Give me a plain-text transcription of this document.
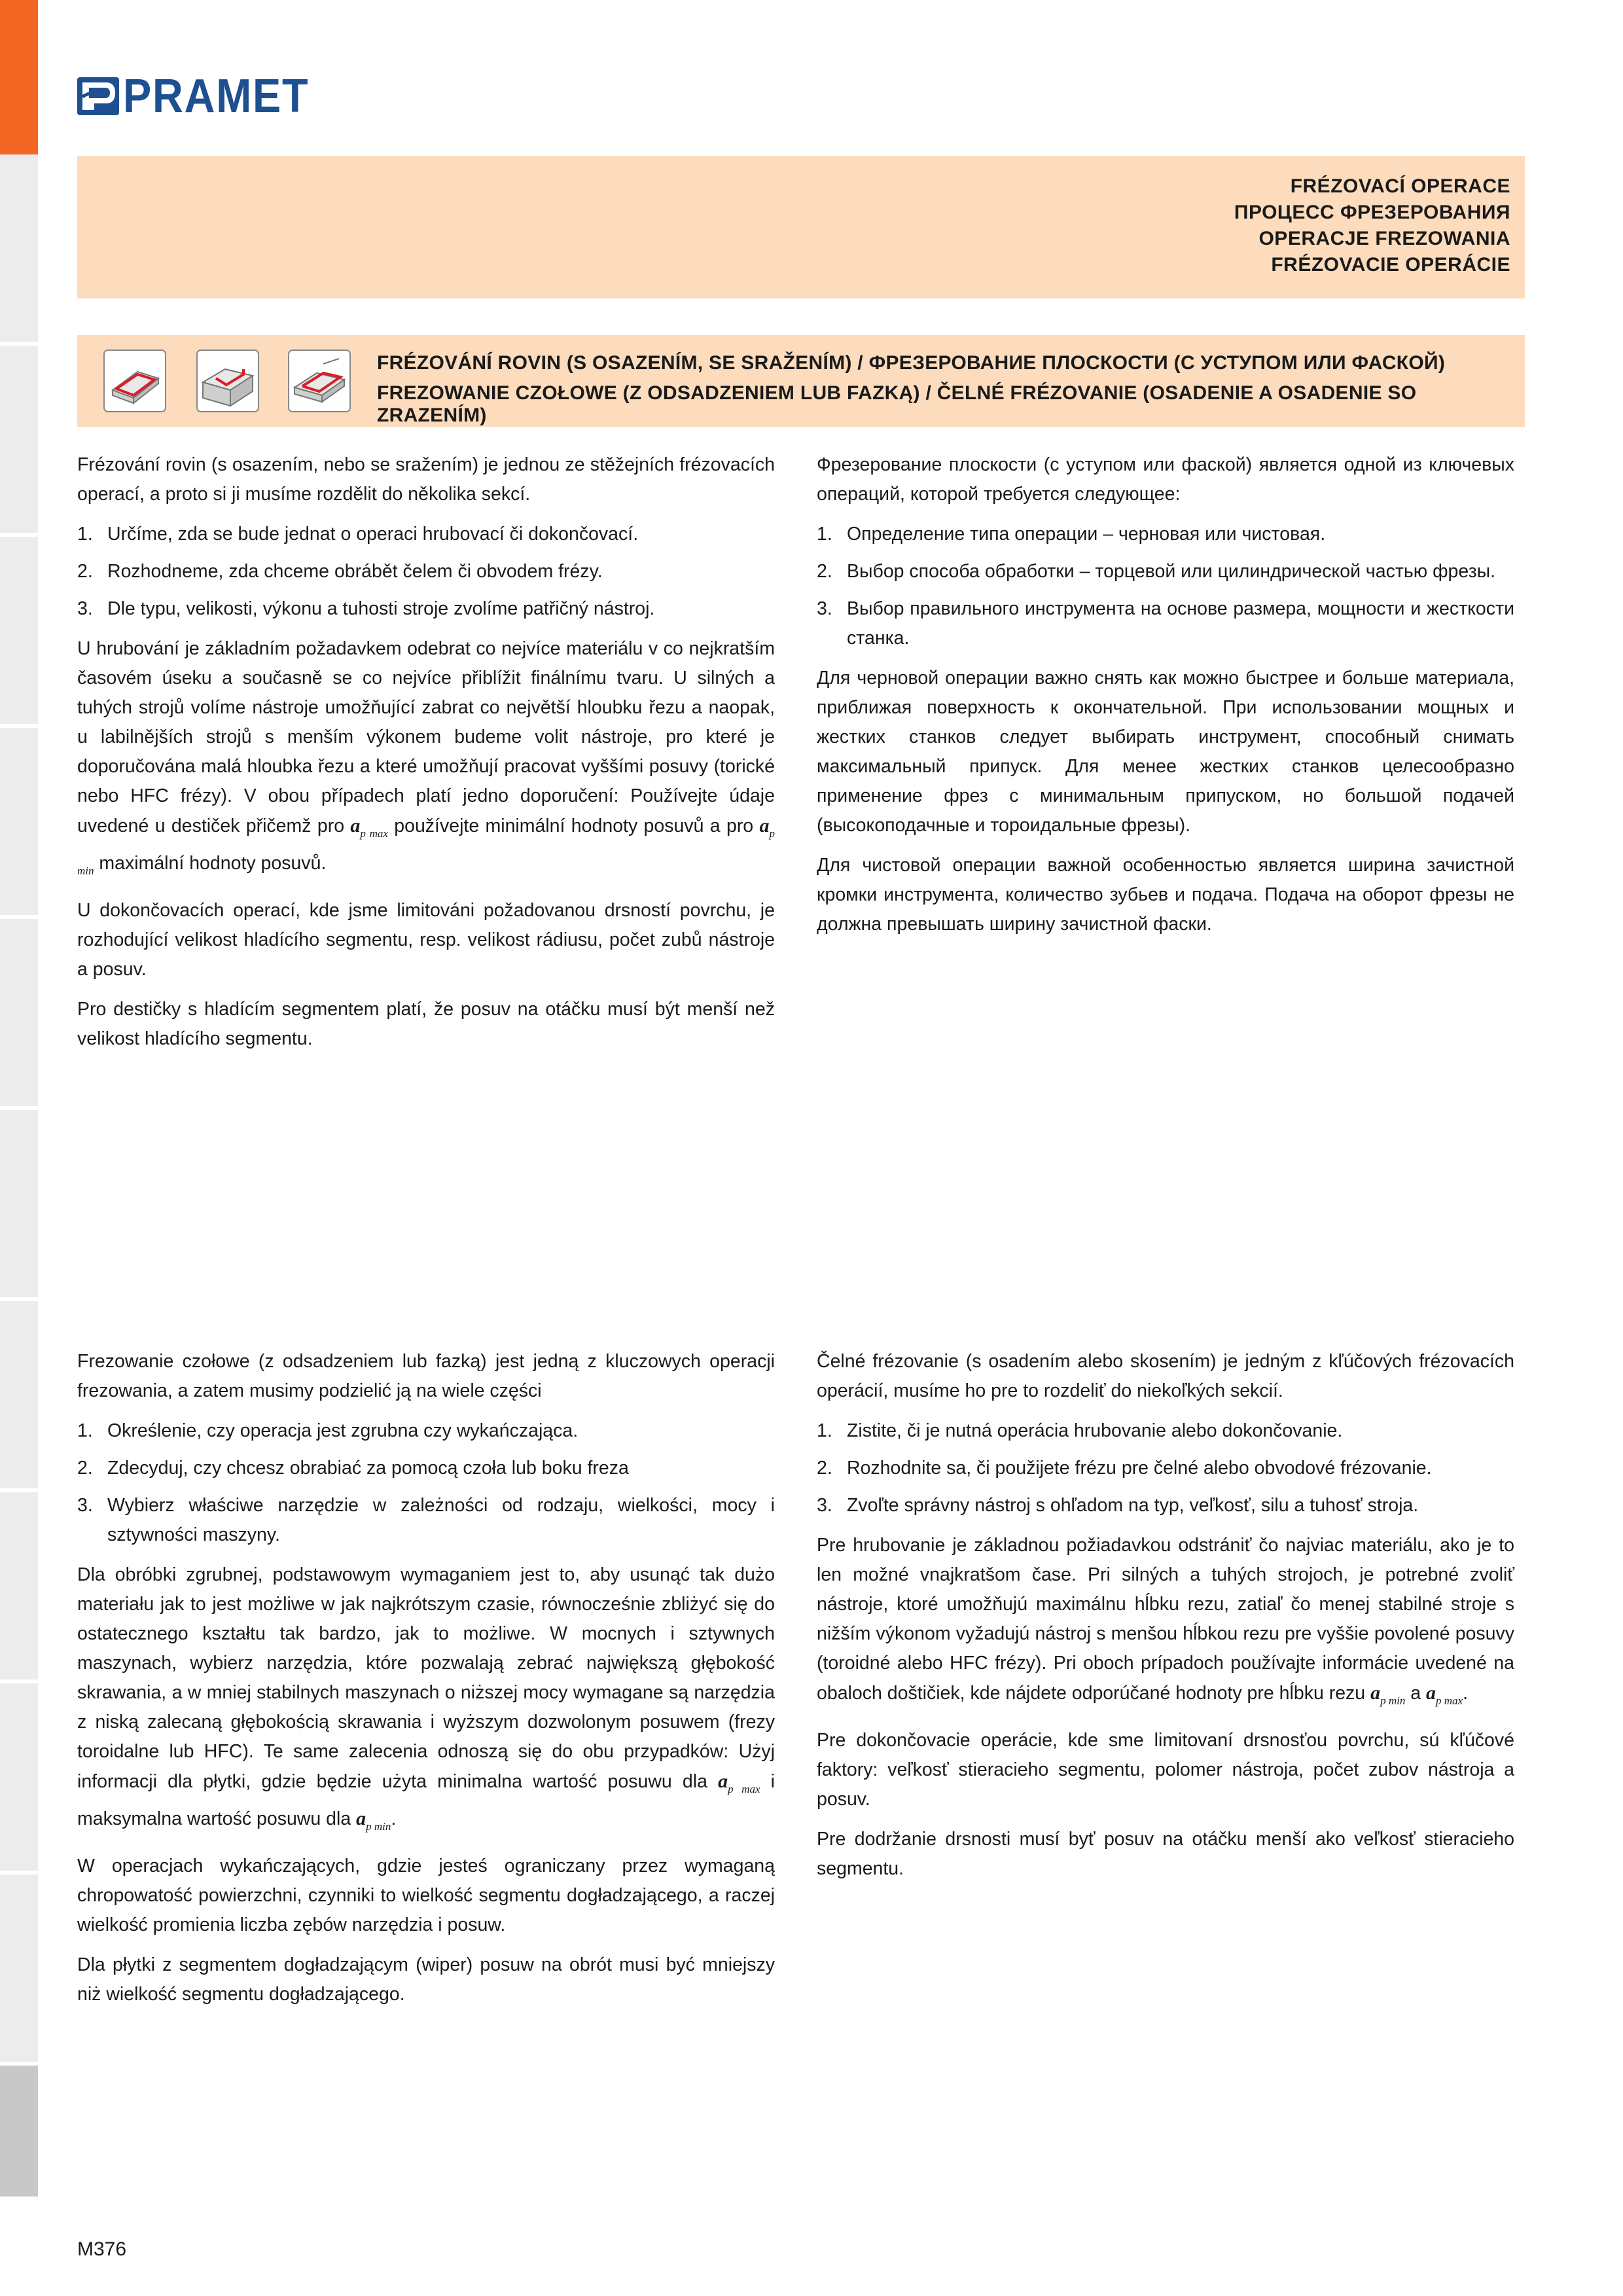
PRAMET
FRÉZOVACÍ OPERACE
ПРОЦЕСС ФРЕЗЕРОВАНИЯ
OPERACJE FREZOWANIA
FRÉZOVACIE OPERÁCIE
FRÉZOVÁNÍ ROVIN (S OSAZENÍM, SE SRAŽENÍM) / ФРЕЗЕРОВАНИЕ ПЛОСКОСТИ (С УСТУПОМ ИЛИ ФАСКОЙ)
FREZOWANIE CZOŁOWE (Z ODSADZENIEM LUB FAZKĄ) / ČELNÉ FRÉZOVANIE (OSADENIE A OSADENIE SO ZRAZENÍM)

Frézování rovin (s osazením, nebo se sražením) je jednou ze stěžejních frézovacích operací, a proto si ji musíme rozdělit do několika sekcí.

1. Určíme, zda se bude jednat o operaci hrubovací či dokončovací.
2. Rozhodneme, zda chceme obrábět čelem či obvodem frézy.
3. Dle typu, velikosti, výkonu a tuhosti stroje zvolíme patřičný nástroj.

U hrubování je základním požadavkem odebrat co nejvíce materiálu v co nejkratším časovém úseku a současně se co nejvíce přiblížit finálnímu tvaru. U silných a tuhých strojů volíme nástroje umožňující zabrat co největší hloubku řezu a naopak, u labilnějších strojů s menším výkonem budeme volit nástroje, pro které je doporučována malá hloubka řezu a které umožňují pracovat vyššími posuvy (torické nebo HFC frézy). V obou případech platí jedno doporučení: Používejte údaje uvedené u destiček přičemž pro $a_{p max}$ používejte minimální hodnoty posuvů a pro $a_{p min}$ maximální hodnoty posuvů.

U dokončovacích operací, kde jsme limitováni požadovanou drsností povrchu, je rozhodující velikost hladícího segmentu, resp. velikost rádiusu, počet zubů nástroje a posuv.

Pro destičky s hladícím segmentem platí, že posuv na otáčku musí být menší než velikost hladícího segmentu.

Фрезерование плоскости (с уступом или фаской) является одной из ключевых операций, которой требуется следующее:

1. Определение типа операции – черновая или чистовая.
2. Выбор способа обработки – торцевой или цилиндрической частью фрезы.
3. Выбор правильного инструмента на основе размера, мощности и жесткости станка.

Для черновой операции важно снять как можно быстрее и больше материала, приближая поверхность к окончательной. При использовании мощных и жестких станков следует выбирать инструмент, способный снимать максимальный припуск. Для менее жестких станков целесообразно применение фрез с минимальным припуском, но большой подачей (высокоподачные и тороидальные фрезы).

Для чистовой операции важной особенностью является ширина зачистной кромки инструмента, количество зубьев и подача. Подача на оборот фрезы не должна превышать ширину зачистной фаски.

Frezowanie czołowe (z odsadzeniem lub fazką) jest jedną z kluczowych operacji frezowania, a zatem musimy podzielić ją na wiele części

1. Określenie, czy operacja jest zgrubna czy wykańczająca.
2. Zdecyduj, czy chcesz obrabiać za pomocą czoła lub boku freza
3. Wybierz właściwe narzędzie w zależności od rodzaju, wielkości, mocy i sztywności maszyny.

Dla obróbki zgrubnej, podstawowym wymaganiem jest to, aby usunąć tak dużo materiału jak to jest możliwe w jak najkrótszym czasie, równocześnie zbliżyć się do ostatecznego kształtu tak bardzo, jak to możliwe. W mocnych i sztywnych maszynach, wybierz narzędzia, które pozwalają zebrać największą głębokość skrawania, a w mniej stabilnych maszynach o niższej mocy wymagane są narzędzia z niską zalecaną głębokością skrawania i wyższym dozwolonym posuwem (frezy toroidalne lub HFC). Te same zalecenia odnoszą się do obu przypadków: Użyj informacji dla płytki, gdzie będzie użyta minimalna wartość posuwu dla $a_{p max}$ i maksymalna wartość posuwu dla $a_{p min}$.

W operacjach wykańczających, gdzie jesteś ograniczany przez wymaganą chropowatość powierzchni, czynniki to wielkość segmentu dogładzającego, a raczej wielkość promienia liczba zębów narzędzia i posuw.

Dla płytki z segmentem dogładzającym (wiper) posuw na obrót musi być mniejszy niż wielkość segmentu dogładzającego.

Čelné frézovanie (s osadením alebo skosením) je jedným z kľúčových frézovacích operácií, musíme ho pre to rozdeliť do niekoľkých sekcií.

1. Zistite, či je nutná operácia hrubovanie alebo dokončovanie.
2. Rozhodnite sa, či použijete frézu pre čelné alebo obvodové frézovanie.
3. Zvoľte správny nástroj s ohľadom na typ, veľkosť, silu a tuhosť stroja.

Pre hrubovanie je základnou požiadavkou odstrániť čo najviac materiálu, ako je to len možné vnajkratšom čase. Pri silných a tuhých strojoch, je potrebné zvoliť nástroje, ktoré umožňujú maximálnu hĺbku rezu, zatiaľ čo menej stabilné stroje s nižším výkonom vyžadujú nástroj s menšou hĺbkou rezu pre vyššie povolené posuvy (toroidné alebo HFC frézy). Pri oboch prípadoch používajte informácie uvedené na obaloch doštičiek, kde nájdete odporúčané hodnoty pre hĺbku rezu $a_{p min}$ a $a_{p max}$.

Pre dokončovacie operácie, kde sme limitovaní drsnosťou povrchu, sú kľúčové faktory: veľkosť stieracieho segmentu, polomer nástroja, počet zubov nástroja a posuv.

Pre dodržanie drsnosti musí byť posuv na otáčku menší ako veľkosť stieracieho segmentu.

M376
